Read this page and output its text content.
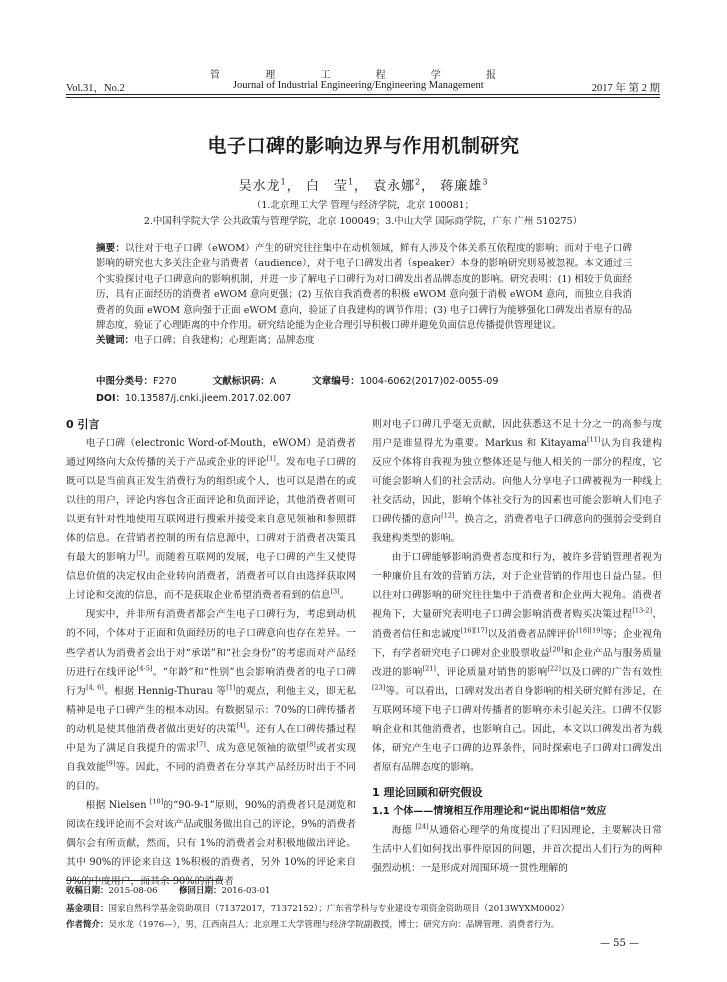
管 理 工 程 学 报
Vol.31，No.2	Journal of Industrial Engineering/Engineering Management	2017 年 第 2 期
电子口碑的影响边界与作用机制研究
吴水龙$^1$， 白　莹$^1$， 袁永娜$^2$， 蒋廉雄$^3$
（1.北京理工大学 管理与经济学院，北京 100081；
2.中国科学院大学 公共政策与管理学院，北京 100049；3.中山大学 国际商学院，广东 广州 510275）
摘要：以往对于电子口碑（eWOM）产生的研究往往集中在动机领域，鲜有人涉及个体关系互依程度的影响；而对于电子口碑影响的研究也大多关注企业与消费者（audience），对于电子口碑发出者（speaker）本身的影响研究则易被忽视。本文通过三个实验探讨电子口碑意向的影响机制，并进一步了解电子口碑行为对口碑发出者品牌态度的影响。研究表明：(1) 相较于负面经历，具有正面经历的消费者 eWOM 意向更强；(2) 互依自我消费者的积极 eWOM 意向强于消极 eWOM 意向，而独立自我消费者的负面 eWOM 意向强于正面 eWOM 意向，验证了自我建构的调节作用；(3) 电子口碑行为能够强化口碑发出者原有的品牌态度，验证了心理距离的中介作用。研究结论能为企业合理引导积极口碑并避免负面信息传播提供管理建议。
关键词：电子口碑；自我建构；心理距离；品牌态度
中图分类号：F270	文献标识码：A	文章编号：1004-6062(2017)02-0055-09
DOI：10.13587/j.cnki.jieem.2017.02.007
0 引言

电子口碑（electronic Word-of-Mouth，eWOM）是消费者通过网络向大众传播的关于产品或企业的评论[1]。发布电子口碑的既可以是当前真正发生消费行为的组织或个人，也可以是潜在的或以往的用户，评论内容包含正面评论和负面评论，其他消费者则可以更有针对性地使用互联网进行搜索并接受来自意见领袖和参照群体的信息。在营销者控制的所有信息源中，口碑对于消费者决策具有最大的影响力[2]。而随着互联网的发展，电子口碑的产生又使得信息价值的决定权由企业转向消费者，消费者可以自由选择获取网上讨论和交流的信息，而不是获取企业希望消费者看到的信息[3]。

现实中，并非所有消费者都会产生电子口碑行为，考虑到动机的不同，个体对于正面和负面经历的电子口碑意向也存在差异。一些学者认为消费者会出于对“承诺”和“社会身份”的考虑而对产品经历进行在线评论[4-5]。“年龄”和“性别”也会影响消费者的电子口碑行为[4, 6]。根据 Hennig-Thurau 等[1]的观点，利他主义，即无私精神是电子口碑产生的根本动因。有数据显示：70%的口碑传播者的动机是使其他消费者做出更好的决策[4]。还有人在口碑传播过程中是为了满足自我提升的需求[7]、成为意见领袖的欲望[8]或者实现自我效能[9]等。因此，不同的消费者在分享其产品经历时出于不同的目的。

根据 Nielsen [10]的“90-9-1”原则，90%的消费者只是浏览和阅读在线评论而不会对该产品或服务做出自己的评论，9%的消费者偶尔会有所贡献，然而，只有 1%的消费者会对积极地做出评论。其中 90%的评论来自这 1%积极的消费者，另外 10%的评论来自 9%的中度用户，而其余 90%的消费者

则对电子口碑几乎毫无贡献，因此获悉这不足十分之一的高参与度用户是谁显得尤为重要。Markus 和 Kitayama[11]认为自我建构反应个体将自我视为独立整体还是与他人相关的一部分的程度，它可能会影响人们的社会活动。向他人分享电子口碑被视为一种线上社交活动，因此，影响个体社交行为的因素也可能会影响人们电子口碑传播的意向[12]。换言之，消费者电子口碑意向的强弱会受到自我建构类型的影响。

由于口碑能够影响消费者态度和行为，被许多营销管理者视为一种廉价且有效的营销方法，对于企业营销的作用也日益凸显。但以往对口碑影响的研究往往集中于消费者和企业两大视角。消费者视角下，大量研究表明电子口碑会影响消费者购买决策过程[13-2]、消费者信任和忠诚度[16][17]以及消费者品牌评价[18][19]等；企业视角下，有学者研究电子口碑对企业股票收益[20]和企业产品与服务质量改进的影响[21]、评论质量对销售的影响[22]以及口碑的广告有效性[23]等。可以看出，口碑对发出者自身影响的相关研究鲜有涉足，在互联网环境下电子口碑对传播者的影响亦未引起关注。口碑不仅影响企业和其他消费者，也影响自己。因此，本文以口碑发出者为载体，研究产生电子口碑的边界条件，同时探索电子口碑对口碑发出者原有品牌态度的影响。

1 理论回顾和研究假设
1.1 个体——情境相互作用理论和“说出即相信”效应

海德 [24]从通俗心理学的角度提出了归因理论，主要解决日常生活中人们如何找出事件原因的问题，并首次提出人们行为的两种强烈动机：一是形成对周围环境一贯性理解的

收稿日期：2015-08-06	修回日期：2016-03-01
基金项目：国家自然科学基金资助项目（71372017，71372152）；广东省学科与专业建设专项资金资助项目（2013WYXM0002）
作者简介：吴水龙（1976—），男，江西南昌人；北京理工大学管理与经济学院副教授，博士；研究方向：品牌管理、消费者行为。
— 55 —
